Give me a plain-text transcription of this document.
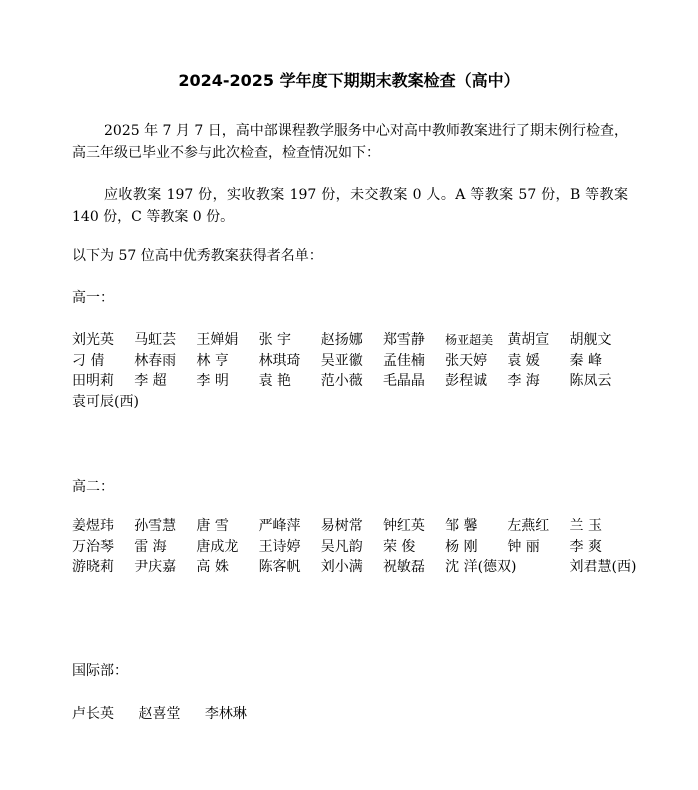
2024-2025 学年度下期期末教案检查（高中）

2025 年 7 月 7 日，高中部课程教学服务中心对高中教师教案进行了期末例行检查，高三年级已毕业不参与此次检查，检查情况如下：

应收教案 197 份，实收教案 197 份，未交教案 0 人。A 等教案 57 份，B 等教案 140 份，C 等教案 0 份。

以下为 57 位高中优秀教案获得者名单：
高一：
刘光英	马虹芸	王婵娟	张 宇	赵扬娜	郑雪静	杨亚超美	黄胡宣	胡舰文
刁 倩	林春雨	林 亨	林琪琦	吴亚徽	孟佳楠	张天婷	袁 媛	秦 峰
田明莉	李 超	李 明	袁 艳	范小薇	毛晶晶	彭程诚	李 海	陈凤云
袁可辰(西)
高二：
姜煜玮	孙雪慧	唐 雪	严峰萍	易树常	钟红英	邹 馨	左燕红	兰 玉
万治琴	雷 海	唐成龙	王诗婷	吴凡韵	荣 俊	杨 刚	钟 丽	李 爽
游晓莉	尹庆嘉	高 姝	陈客帆	刘小满	祝敏磊	沈 洋(德双)	刘君慧(西)
国际部：
卢长英 赵喜堂 李林琳
